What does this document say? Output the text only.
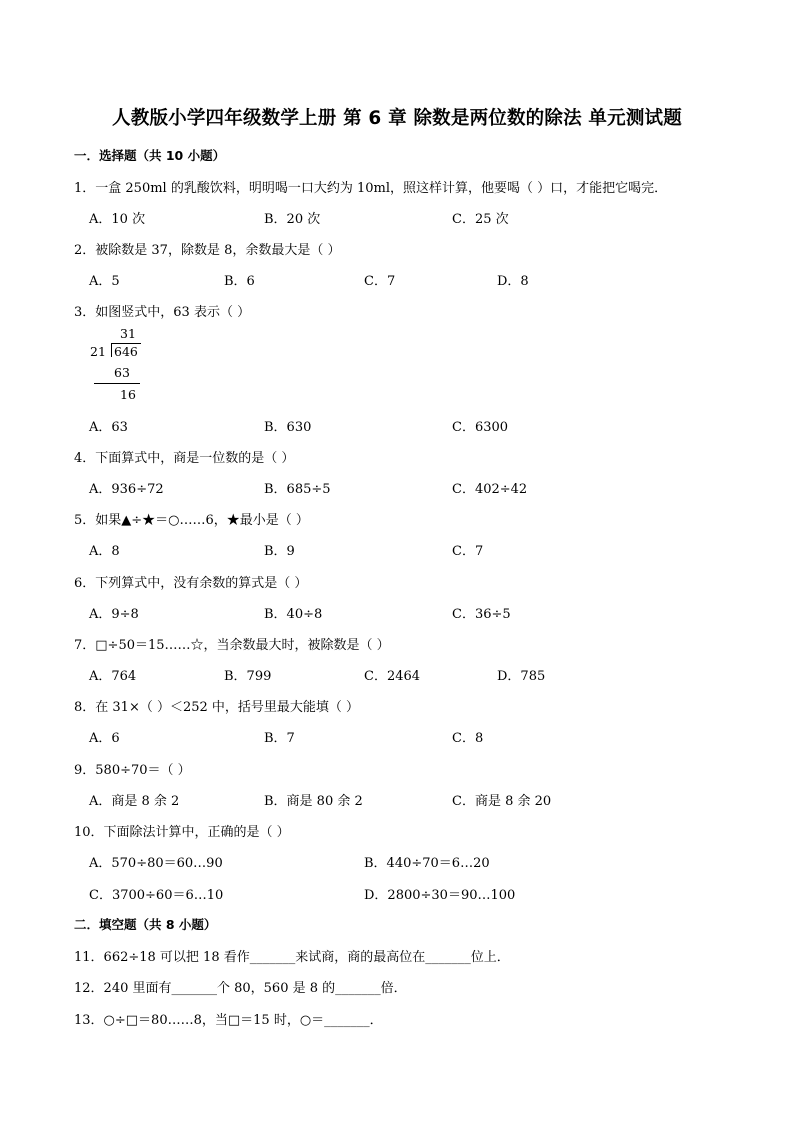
人教版小学四年级数学上册 第 6 章 除数是两位数的除法 单元测试题
一．选择题（共 10 小题）
1．一盒 250ml 的乳酸饮料，明明喝一口大约为 10ml，照这样计算，他要喝（ ）口，才能把它喝完．
A．10 次	B．20 次	C．25 次
2．被除数是 37，除数是 8，余数最大是（ ）
A．5	B．6	C．7	D．8
3．如图竖式中，63 表示（ ）
31
21 646
63
16
A．63	B．630	C．6300
4．下面算式中，商是一位数的是（ ）
A．936÷72	B．685÷5	C．402÷42
5．如果▲÷★＝○……6，★最小是（ ）
A．8	B．9	C．7
6．下列算式中，没有余数的算式是（ ）
A．9÷8	B．40÷8	C．36÷5
7．□÷50＝15……☆，当余数最大时，被除数是（ ）
A．764	B．799	C．2464	D．785
8．在 31×（ ）＜252 中，括号里最大能填（ ）
A．6	B．7	C．8
9．580÷70＝（ ）
A．商是 8 余 2	B．商是 80 余 2	C．商是 8 余 20
10．下面除法计算中，正确的是（ ）
A．570÷80＝60…90	B．440÷70＝6…20
C．3700÷60＝6…10	D．2800÷30＝90…100
二．填空题（共 8 小题）
11．662÷18 可以把 18 看作_______来试商，商的最高位在_______位上．
12．240 里面有_______个 80，560 是 8 的_______倍．
13．○÷□＝80……8，当□＝15 时，○＝_______．
